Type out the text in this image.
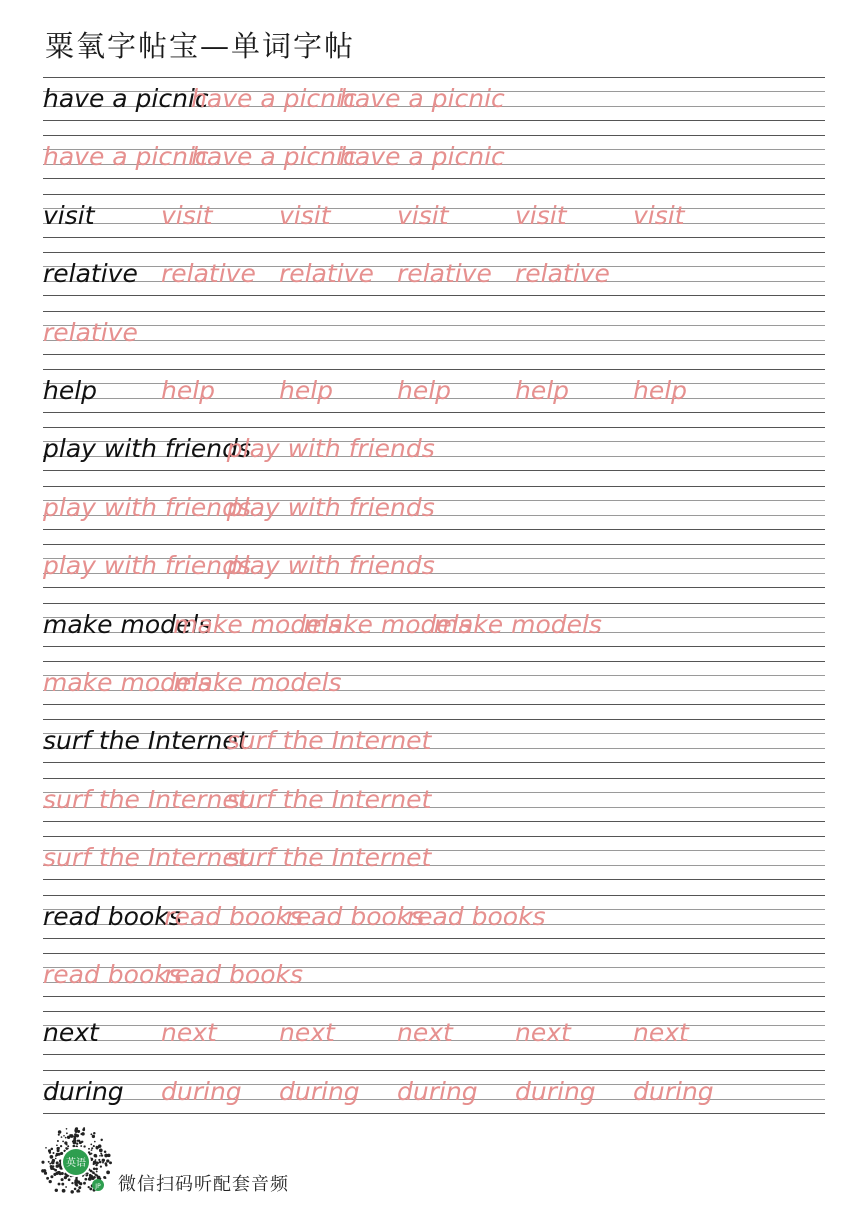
粟氧字帖宝—单词字帖
have a picnic
have a picnic
have a picnic
have a picnic
have a picnic
have a picnic
visit	visit	visit	visit	visit	visit
relative relative relative relative relative
relative
help	help	help	help	help	help
play with friends
play with friends
play with friends
play with friends
play with friends
play with friends
make models
make models
make models
make models
make models
make models
surf the Internet
surf the Internet
surf the Internet
surf the Internet
surf the Internet
surf the Internet
read books
read books
read books
read books
read books
read books
next next next next next next
during during during during during during
英语
JP 微信扫码听配套音频
